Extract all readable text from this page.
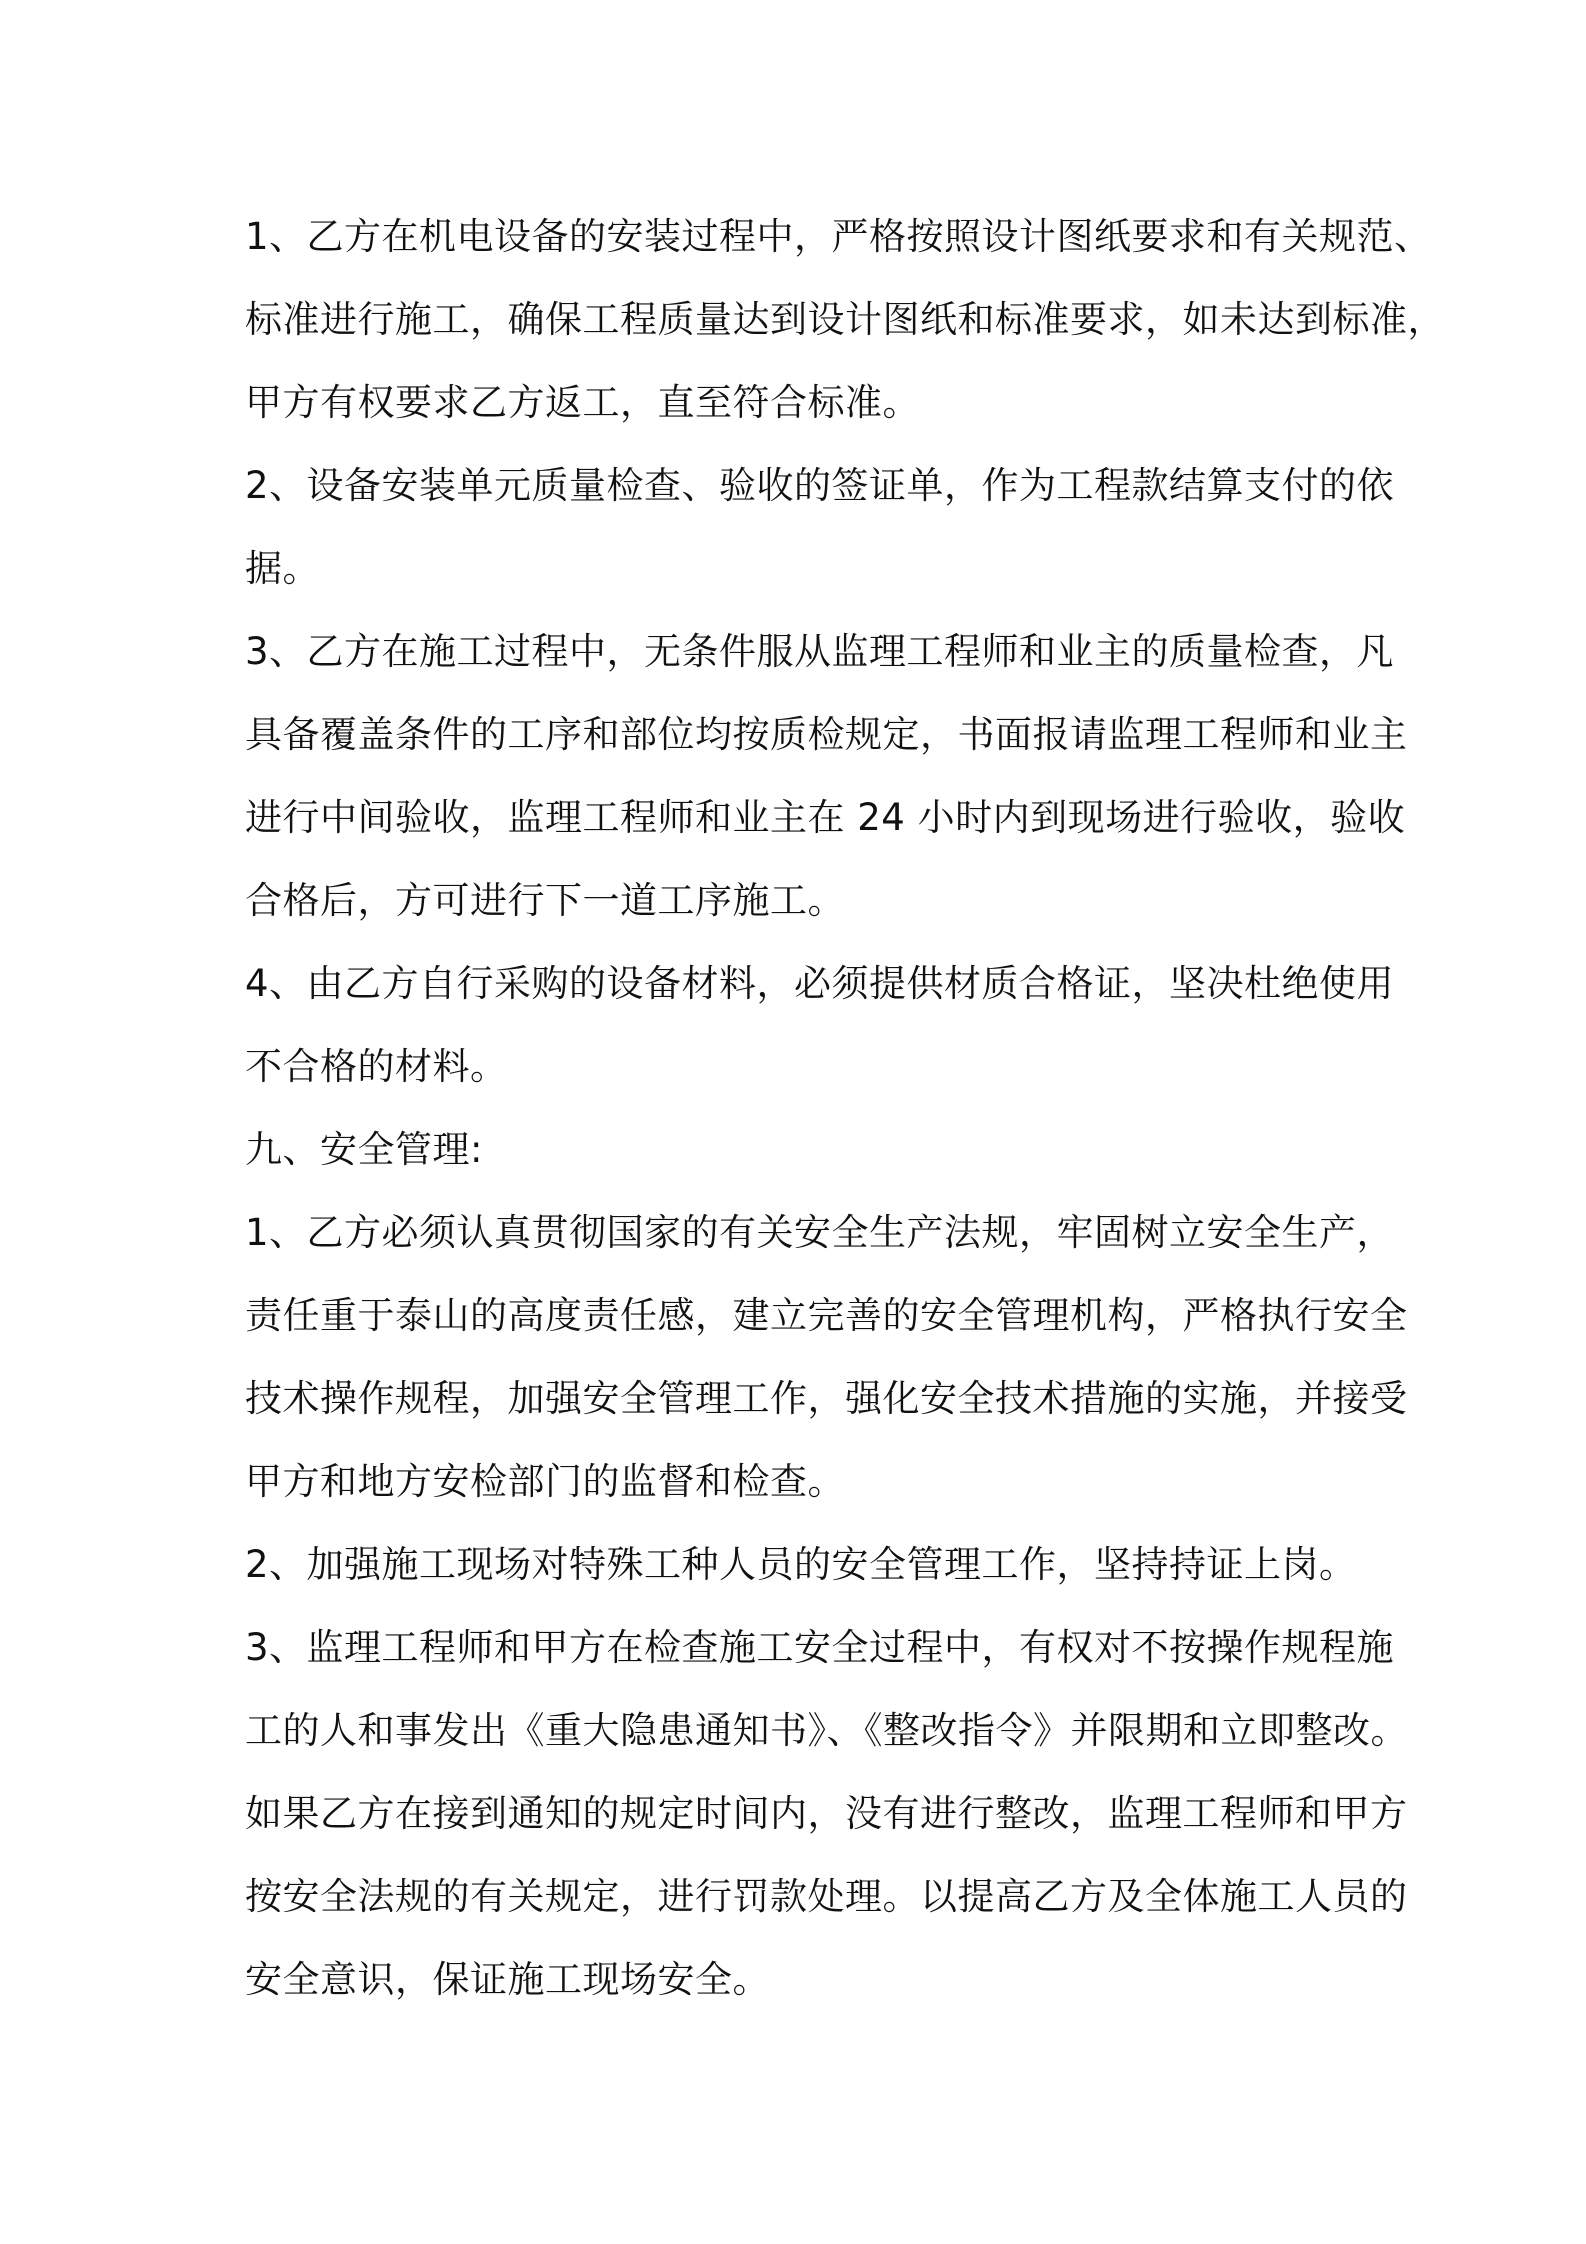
1、乙方在机电设备的安装过程中，严格按照设计图纸要求和有关规范、
标准进行施工，确保工程质量达到设计图纸和标准要求，如未达到标准，
甲方有权要求乙方返工，直至符合标准。
2、设备安装单元质量检查、验收的签证单，作为工程款结算支付的依
据。
3、乙方在施工过程中，无条件服从监理工程师和业主的质量检查，凡
具备覆盖条件的工序和部位均按质检规定，书面报请监理工程师和业主
进行中间验收，监理工程师和业主在 24 小时内到现场进行验收，验收
合格后，方可进行下一道工序施工。
4、由乙方自行采购的设备材料，必须提供材质合格证，坚决杜绝使用
不合格的材料。
九、安全管理:
1、乙方必须认真贯彻国家的有关安全生产法规，牢固树立安全生产，
责任重于泰山的高度责任感，建立完善的安全管理机构，严格执行安全
技术操作规程，加强安全管理工作，强化安全技术措施的实施，并接受
甲方和地方安检部门的监督和检查。
2、加强施工现场对特殊工种人员的安全管理工作，坚持持证上岗。
3、监理工程师和甲方在检查施工安全过程中，有权对不按操作规程施
工的人和事发出《重大隐患通知书》、《整改指令》并限期和立即整改。
如果乙方在接到通知的规定时间内，没有进行整改，监理工程师和甲方
按安全法规的有关规定，进行罚款处理。以提高乙方及全体施工人员的
安全意识，保证施工现场安全。
